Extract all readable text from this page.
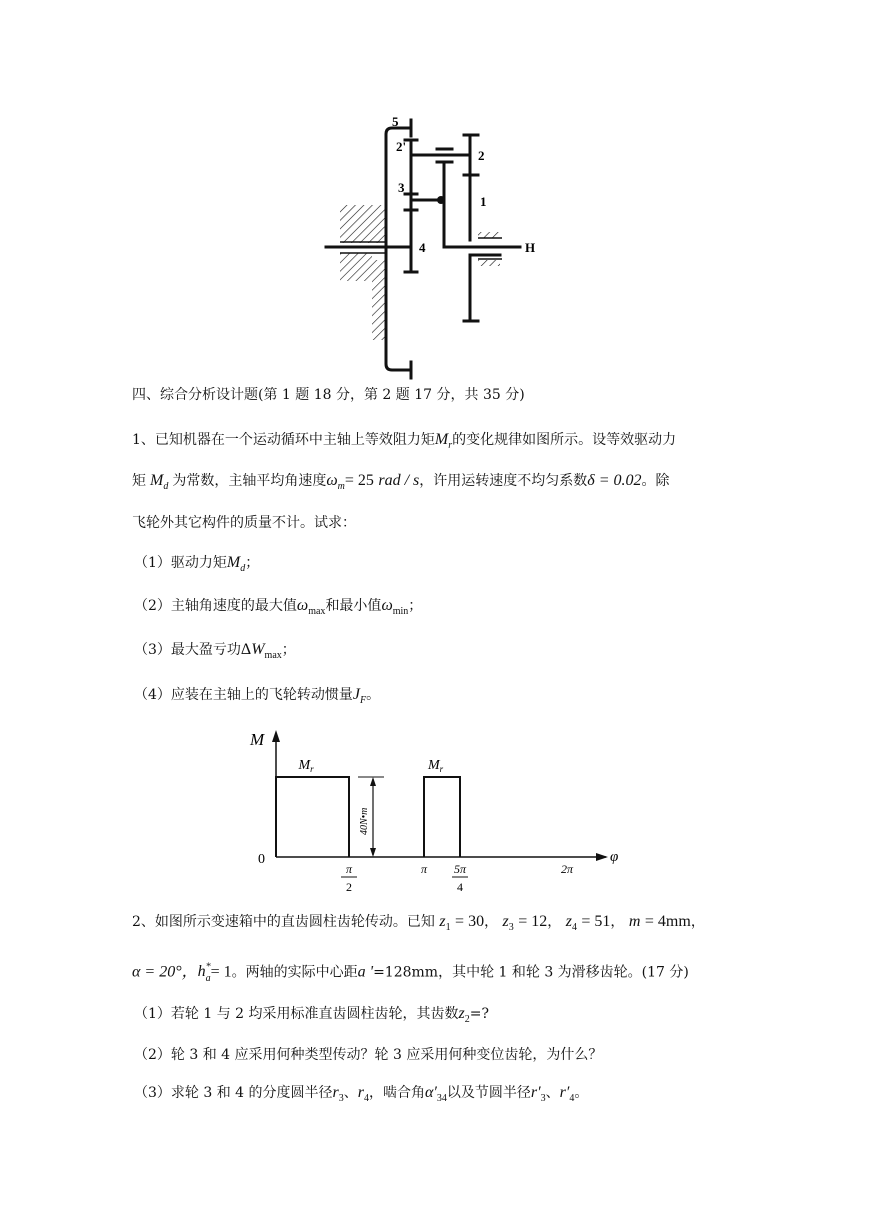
5
2'
2
3
1
4	H
四、综合分析设计题(第 1 题 18 分，第 2 题 17 分，共 35 分)
1、已知机器在一个运动循环中主轴上等效阻力矩$M_r$的变化规律如图所示。设等效驱动力
矩 $M_d$ 为常数，主轴平均角速度$\omega_m= 25$ rad / s，许用运转速度不均匀系数δ = 0.02。除
飞轮外其它构件的质量不计。试求：
（1）驱动力矩$M_d$；
（2）主轴角速度的最大值$\omega_{max}$和最小值$\omega_{min}$；
（3）最大盈亏功$\Delta W_{max}$；
（4）应装在主轴上的飞轮转动惯量$J_F$。
M
φ
0
$M_r$	$M_r$
40N•m
π
2
π 5π
4
2π
2、如图所示变速箱中的直齿圆柱齿轮传动。已知 $z_1 = 30$， $z_3 = 12$， $z_4 = 51$， m = 4mm，
α = 20°，$h^*_a= 1$。两轴的实际中心距a '=128mm，其中轮 1 和轮 3 为滑移齿轮。(17 分)
（1）若轮 1 与 2 均采用标准直齿圆柱齿轮，其齿数$z_2=$?
（2）轮 3 和 4 应采用何种类型传动？轮 3 应采用何种变位齿轮，为什么？
（3）求轮 3 和 4 的分度圆半径$r_3$、$r_4$，啮合角$\alpha'_{34}$以及节圆半径$r'_3$、$r'_4$。
